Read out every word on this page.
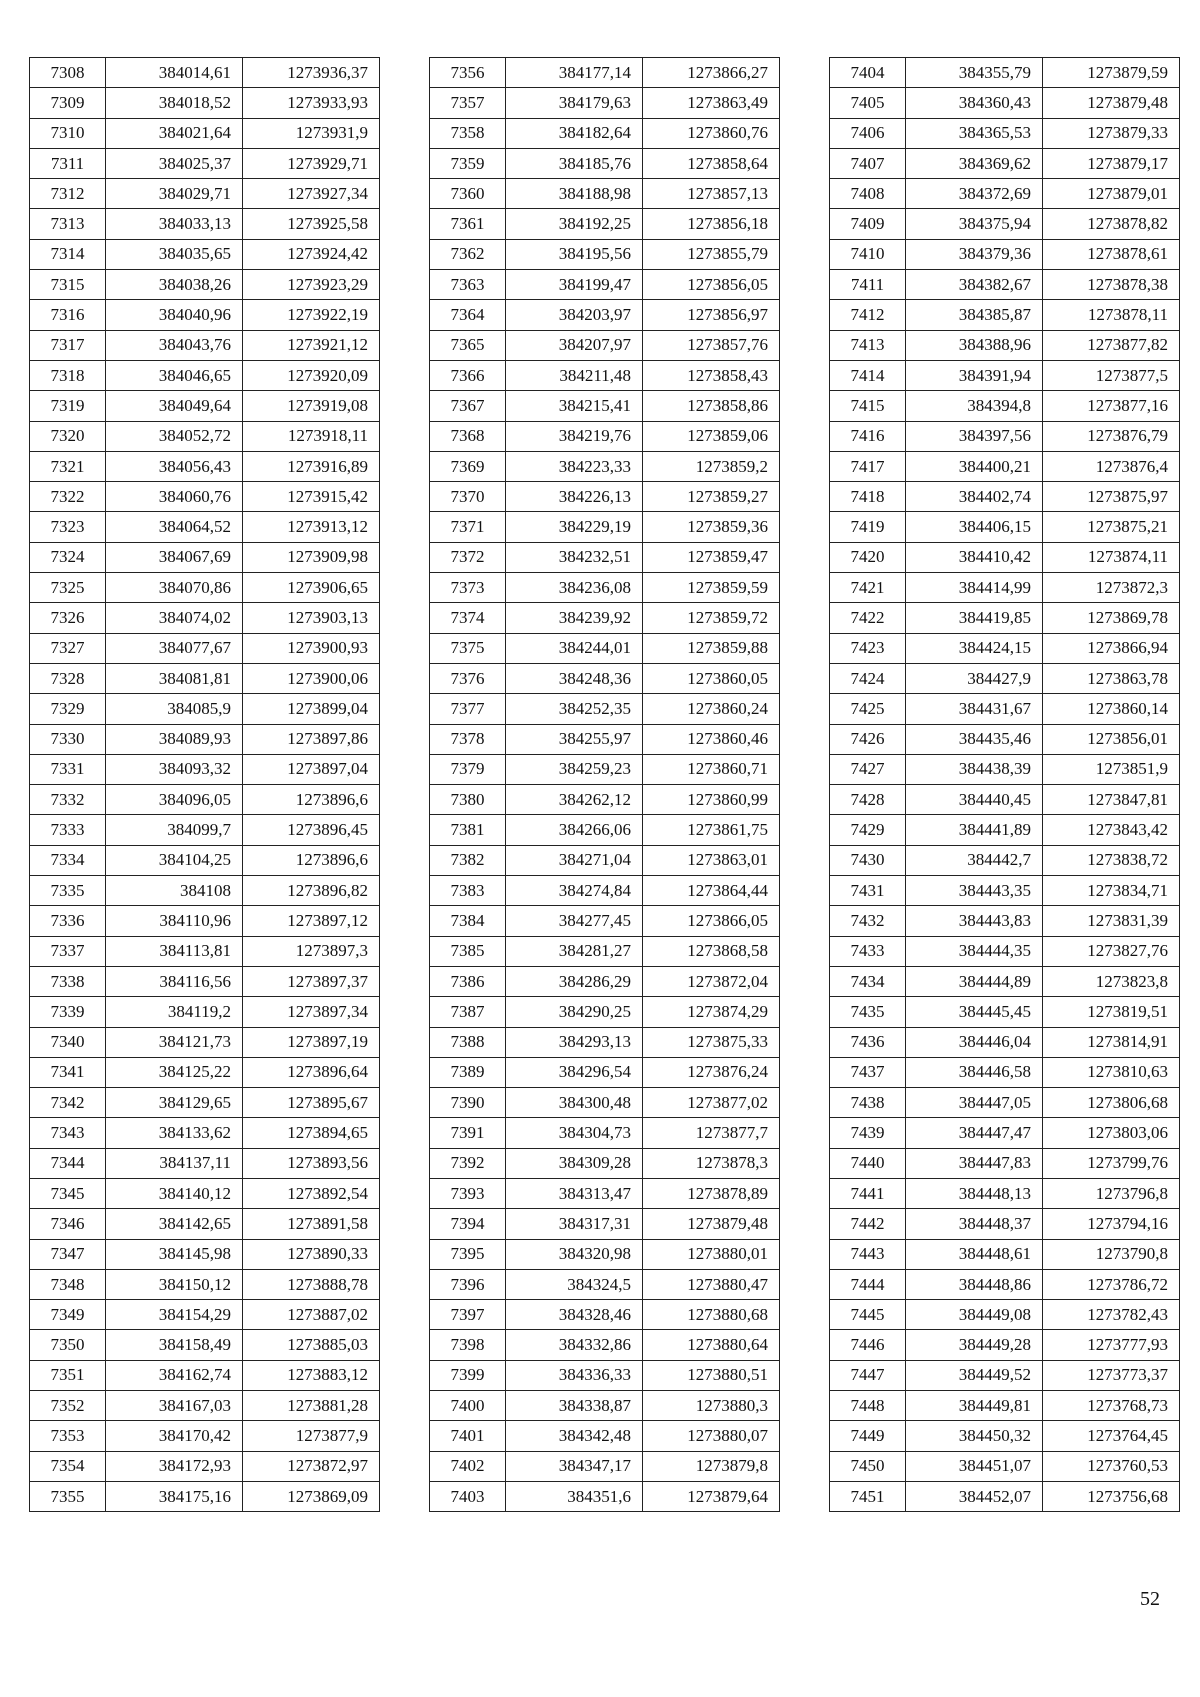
7308	384014,61	1273936,37
7309	384018,52	1273933,93
7310	384021,64	1273931,9
7311	384025,37	1273929,71
7312	384029,71	1273927,34
7313	384033,13	1273925,58
7314	384035,65	1273924,42
7315	384038,26	1273923,29
7316	384040,96	1273922,19
7317	384043,76	1273921,12
7318	384046,65	1273920,09
7319	384049,64	1273919,08
7320	384052,72	1273918,11
7321	384056,43	1273916,89
7322	384060,76	1273915,42
7323	384064,52	1273913,12
7324	384067,69	1273909,98
7325	384070,86	1273906,65
7326	384074,02	1273903,13
7327	384077,67	1273900,93
7328	384081,81	1273900,06
7329	384085,9	1273899,04
7330	384089,93	1273897,86
7331	384093,32	1273897,04
7332	384096,05	1273896,6
7333	384099,7	1273896,45
7334	384104,25	1273896,6
7335	384108	1273896,82
7336	384110,96	1273897,12
7337	384113,81	1273897,3
7338	384116,56	1273897,37
7339	384119,2	1273897,34
7340	384121,73	1273897,19
7341	384125,22	1273896,64
7342	384129,65	1273895,67
7343	384133,62	1273894,65
7344	384137,11	1273893,56
7345	384140,12	1273892,54
7346	384142,65	1273891,58
7347	384145,98	1273890,33
7348	384150,12	1273888,78
7349	384154,29	1273887,02
7350	384158,49	1273885,03
7351	384162,74	1273883,12
7352	384167,03	1273881,28
7353	384170,42	1273877,9
7354	384172,93	1273872,97
7355	384175,16	1273869,09
7356	384177,14	1273866,27
7357	384179,63	1273863,49
7358	384182,64	1273860,76
7359	384185,76	1273858,64
7360	384188,98	1273857,13
7361	384192,25	1273856,18
7362	384195,56	1273855,79
7363	384199,47	1273856,05
7364	384203,97	1273856,97
7365	384207,97	1273857,76
7366	384211,48	1273858,43
7367	384215,41	1273858,86
7368	384219,76	1273859,06
7369	384223,33	1273859,2
7370	384226,13	1273859,27
7371	384229,19	1273859,36
7372	384232,51	1273859,47
7373	384236,08	1273859,59
7374	384239,92	1273859,72
7375	384244,01	1273859,88
7376	384248,36	1273860,05
7377	384252,35	1273860,24
7378	384255,97	1273860,46
7379	384259,23	1273860,71
7380	384262,12	1273860,99
7381	384266,06	1273861,75
7382	384271,04	1273863,01
7383	384274,84	1273864,44
7384	384277,45	1273866,05
7385	384281,27	1273868,58
7386	384286,29	1273872,04
7387	384290,25	1273874,29
7388	384293,13	1273875,33
7389	384296,54	1273876,24
7390	384300,48	1273877,02
7391	384304,73	1273877,7
7392	384309,28	1273878,3
7393	384313,47	1273878,89
7394	384317,31	1273879,48
7395	384320,98	1273880,01
7396	384324,5	1273880,47
7397	384328,46	1273880,68
7398	384332,86	1273880,64
7399	384336,33	1273880,51
7400	384338,87	1273880,3
7401	384342,48	1273880,07
7402	384347,17	1273879,8
7403	384351,6	1273879,64
7404	384355,79	1273879,59
7405	384360,43	1273879,48
7406	384365,53	1273879,33
7407	384369,62	1273879,17
7408	384372,69	1273879,01
7409	384375,94	1273878,82
7410	384379,36	1273878,61
7411	384382,67	1273878,38
7412	384385,87	1273878,11
7413	384388,96	1273877,82
7414	384391,94	1273877,5
7415	384394,8	1273877,16
7416	384397,56	1273876,79
7417	384400,21	1273876,4
7418	384402,74	1273875,97
7419	384406,15	1273875,21
7420	384410,42	1273874,11
7421	384414,99	1273872,3
7422	384419,85	1273869,78
7423	384424,15	1273866,94
7424	384427,9	1273863,78
7425	384431,67	1273860,14
7426	384435,46	1273856,01
7427	384438,39	1273851,9
7428	384440,45	1273847,81
7429	384441,89	1273843,42
7430	384442,7	1273838,72
7431	384443,35	1273834,71
7432	384443,83	1273831,39
7433	384444,35	1273827,76
7434	384444,89	1273823,8
7435	384445,45	1273819,51
7436	384446,04	1273814,91
7437	384446,58	1273810,63
7438	384447,05	1273806,68
7439	384447,47	1273803,06
7440	384447,83	1273799,76
7441	384448,13	1273796,8
7442	384448,37	1273794,16
7443	384448,61	1273790,8
7444	384448,86	1273786,72
7445	384449,08	1273782,43
7446	384449,28	1273777,93
7447	384449,52	1273773,37
7448	384449,81	1273768,73
7449	384450,32	1273764,45
7450	384451,07	1273760,53
7451	384452,07	1273756,68
52
